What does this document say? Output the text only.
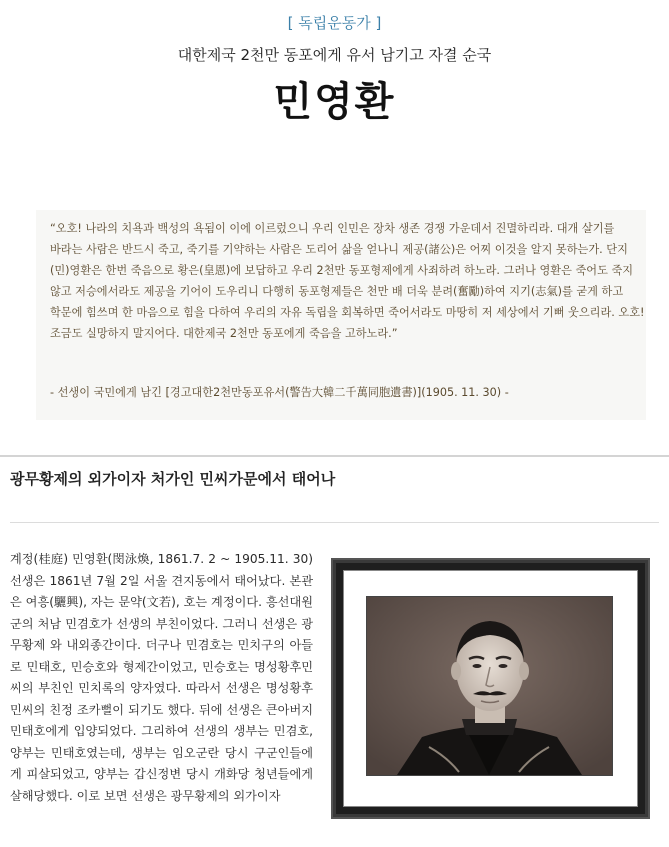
[ 독립운동가 ]
대한제국 2천만 동포에게 유서 남기고 자결 순국
민영환

“오호! 나라의 치욕과 백성의 욕됨이 이에 이르렀으니 우리 인민은 장차 생존 경쟁 가운데서 진멸하리라. 대개 살기를 바라는 사람은 반드시 죽고, 죽기를 기약하는 사람은 도리어 삶을 얻나니 제공(諸公)은 어찌 이것을 알지 못하는가. 단지 (민)영환은 한번 죽음으로 황은(皇恩)에 보답하고 우리 2천만 동포형제에게 사죄하려 하노라. 그러나 영환은 죽어도 죽지 않고 저승에서라도 제공을 기어이 도우리니 다행히 동포형제들은 천만 배 더욱 분려(奮勵)하여 지기(志氣)를 굳게 하고 학문에 힘쓰며 한 마음으로 힘을 다하여 우리의 자유 독립을 회복하면 죽어서라도 마땅히 저 세상에서 기뻐 웃으리라. 오호! 조금도 실망하지 말지어다. 대한제국 2천만 동포에게 죽음을 고하노라.”

- 선생이 국민에게 남긴 [경고대한2천만동포유서(警告大韓二千萬同胞遺書)](1905. 11. 30) -
광무황제의 외가이자 처가인 민씨가문에서 태어나

계정(桂庭) 민영환(閔泳煥, 1861.7. 2 ~ 1905.11. 30) 선생은 1861년 7월 2일 서울 견지동에서 태어났다. 본관은 여흥(驪興), 자는 문약(文若), 호는 계정이다. 흥선대원군의 처남 민겸호가 선생의 부친이었다. 그러니 선생은 광무황제 와 내외종간이다. 더구나 민겸호는 민치구의 아들로 민태호, 민승호와 형제간이었고, 민승호는 명성황후민씨의 부친인 민치록의 양자였다. 따라서 선생은 명성황후 민씨의 친정 조카뻘이 되기도 했다. 뒤에 선생은 큰아버지 민태호에게 입양되었다. 그리하여 선생의 생부는 민겸호, 양부는 민태호였는데, 생부는 임오군란 당시 구군인들에게 피살되었고, 양부는 갑신정변 당시 개화당 청년들에게 살해당했다. 이로 보면 선생은 광무황제의 외가이자
